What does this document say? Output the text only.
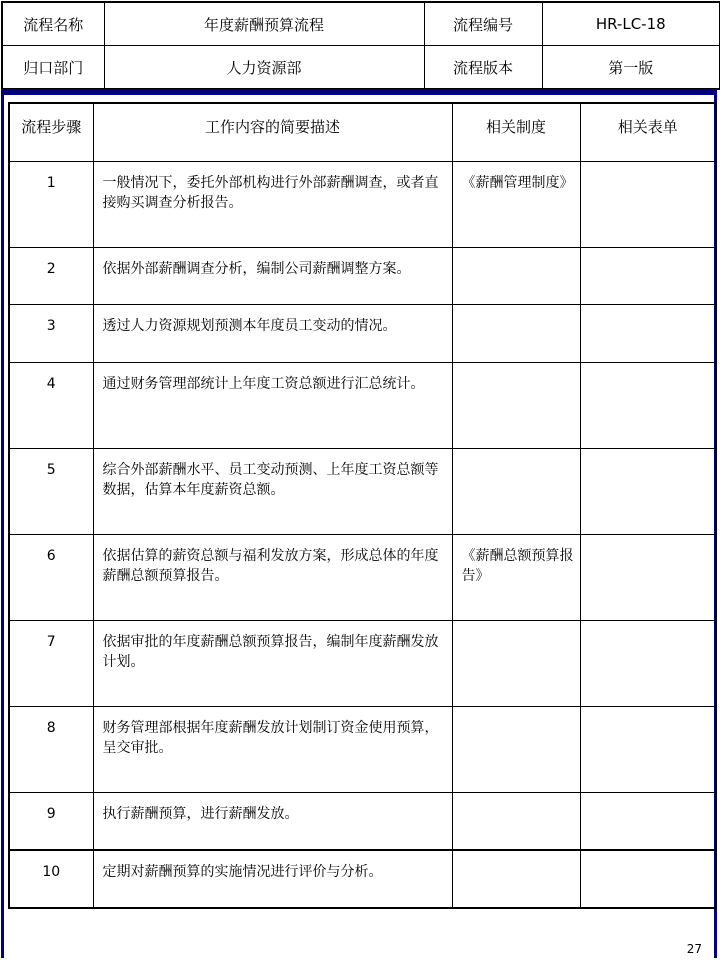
流程名称	年度薪酬预算流程	流程编号	HR-LC-18
归口部门	人力资源部	流程版本	第一版
流程步骤	工作内容的简要描述	相关制度	相关表单
1	一般情况下，委托外部机构进行外部薪酬调查，或者直接购买调查分析报告。	《薪酬管理制度》	
2	依据外部薪酬调查分析，编制公司薪酬调整方案。		
3	透过人力资源规划预测本年度员工变动的情况。		
4	通过财务管理部统计上年度工资总额进行汇总统计。		
5	综合外部薪酬水平、员工变动预测、上年度工资总额等数据，估算本年度薪资总额。		
6	依据估算的薪资总额与福利发放方案，形成总体的年度薪酬总额预算报告。	《薪酬总额预算报告》	
7	依据审批的年度薪酬总额预算报告，编制年度薪酬发放计划。		
8	财务管理部根据年度薪酬发放计划制订资金使用预算，呈交审批。		
9	执行薪酬预算，进行薪酬发放。		
10	定期对薪酬预算的实施情况进行评价与分析。		
27
